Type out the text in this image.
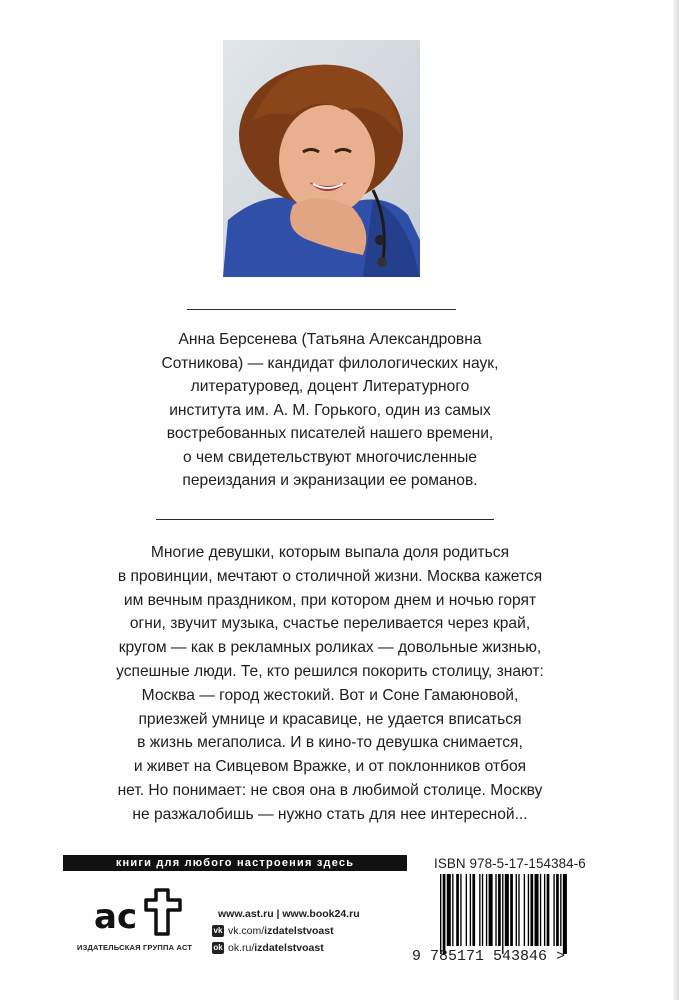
Анна Берсенева (Татьяна Александровна
Сотникова) — кандидат филологических наук,
литературовед, доцент Литературного
института им. А. М. Горького, один из самых
востребованных писателей нашего времени,
о чем свидетельствуют многочисленные
переиздания и экранизации ее романов.

Многие девушки, которым выпала доля родиться
в провинции, мечтают о столичной жизни. Москва кажется
им вечным праздником, при котором днем и ночью горят
огни, звучит музыка, счастье переливается через край,
кругом — как в рекламных роликах — довольные жизнью,
успешные люди. Те, кто решился покорить столицу, знают:
Москва — город жестокий. Вот и Соне Гамаюновой,
приезжей умнице и красавице, не удается вписаться
в жизнь мегаполиса. И в кино-то девушка снимается,
и живет на Сивцевом Вражке, и от поклонников отбоя
нет. Но понимает: не своя она в любимой столице. Москву
не разжалобишь — нужно стать для нее интересной...

книги для любого настроения здесь
ас
ИЗДАТЕЛЬСКАЯ ГРУППА АСТ
www.ast.ru | www.book24.ru
vk vk.com/izdatelstvoast
ok ok.ru/izdatelstvoast
ISBN 978-5-17-154384-6
9 785171 543846 >
